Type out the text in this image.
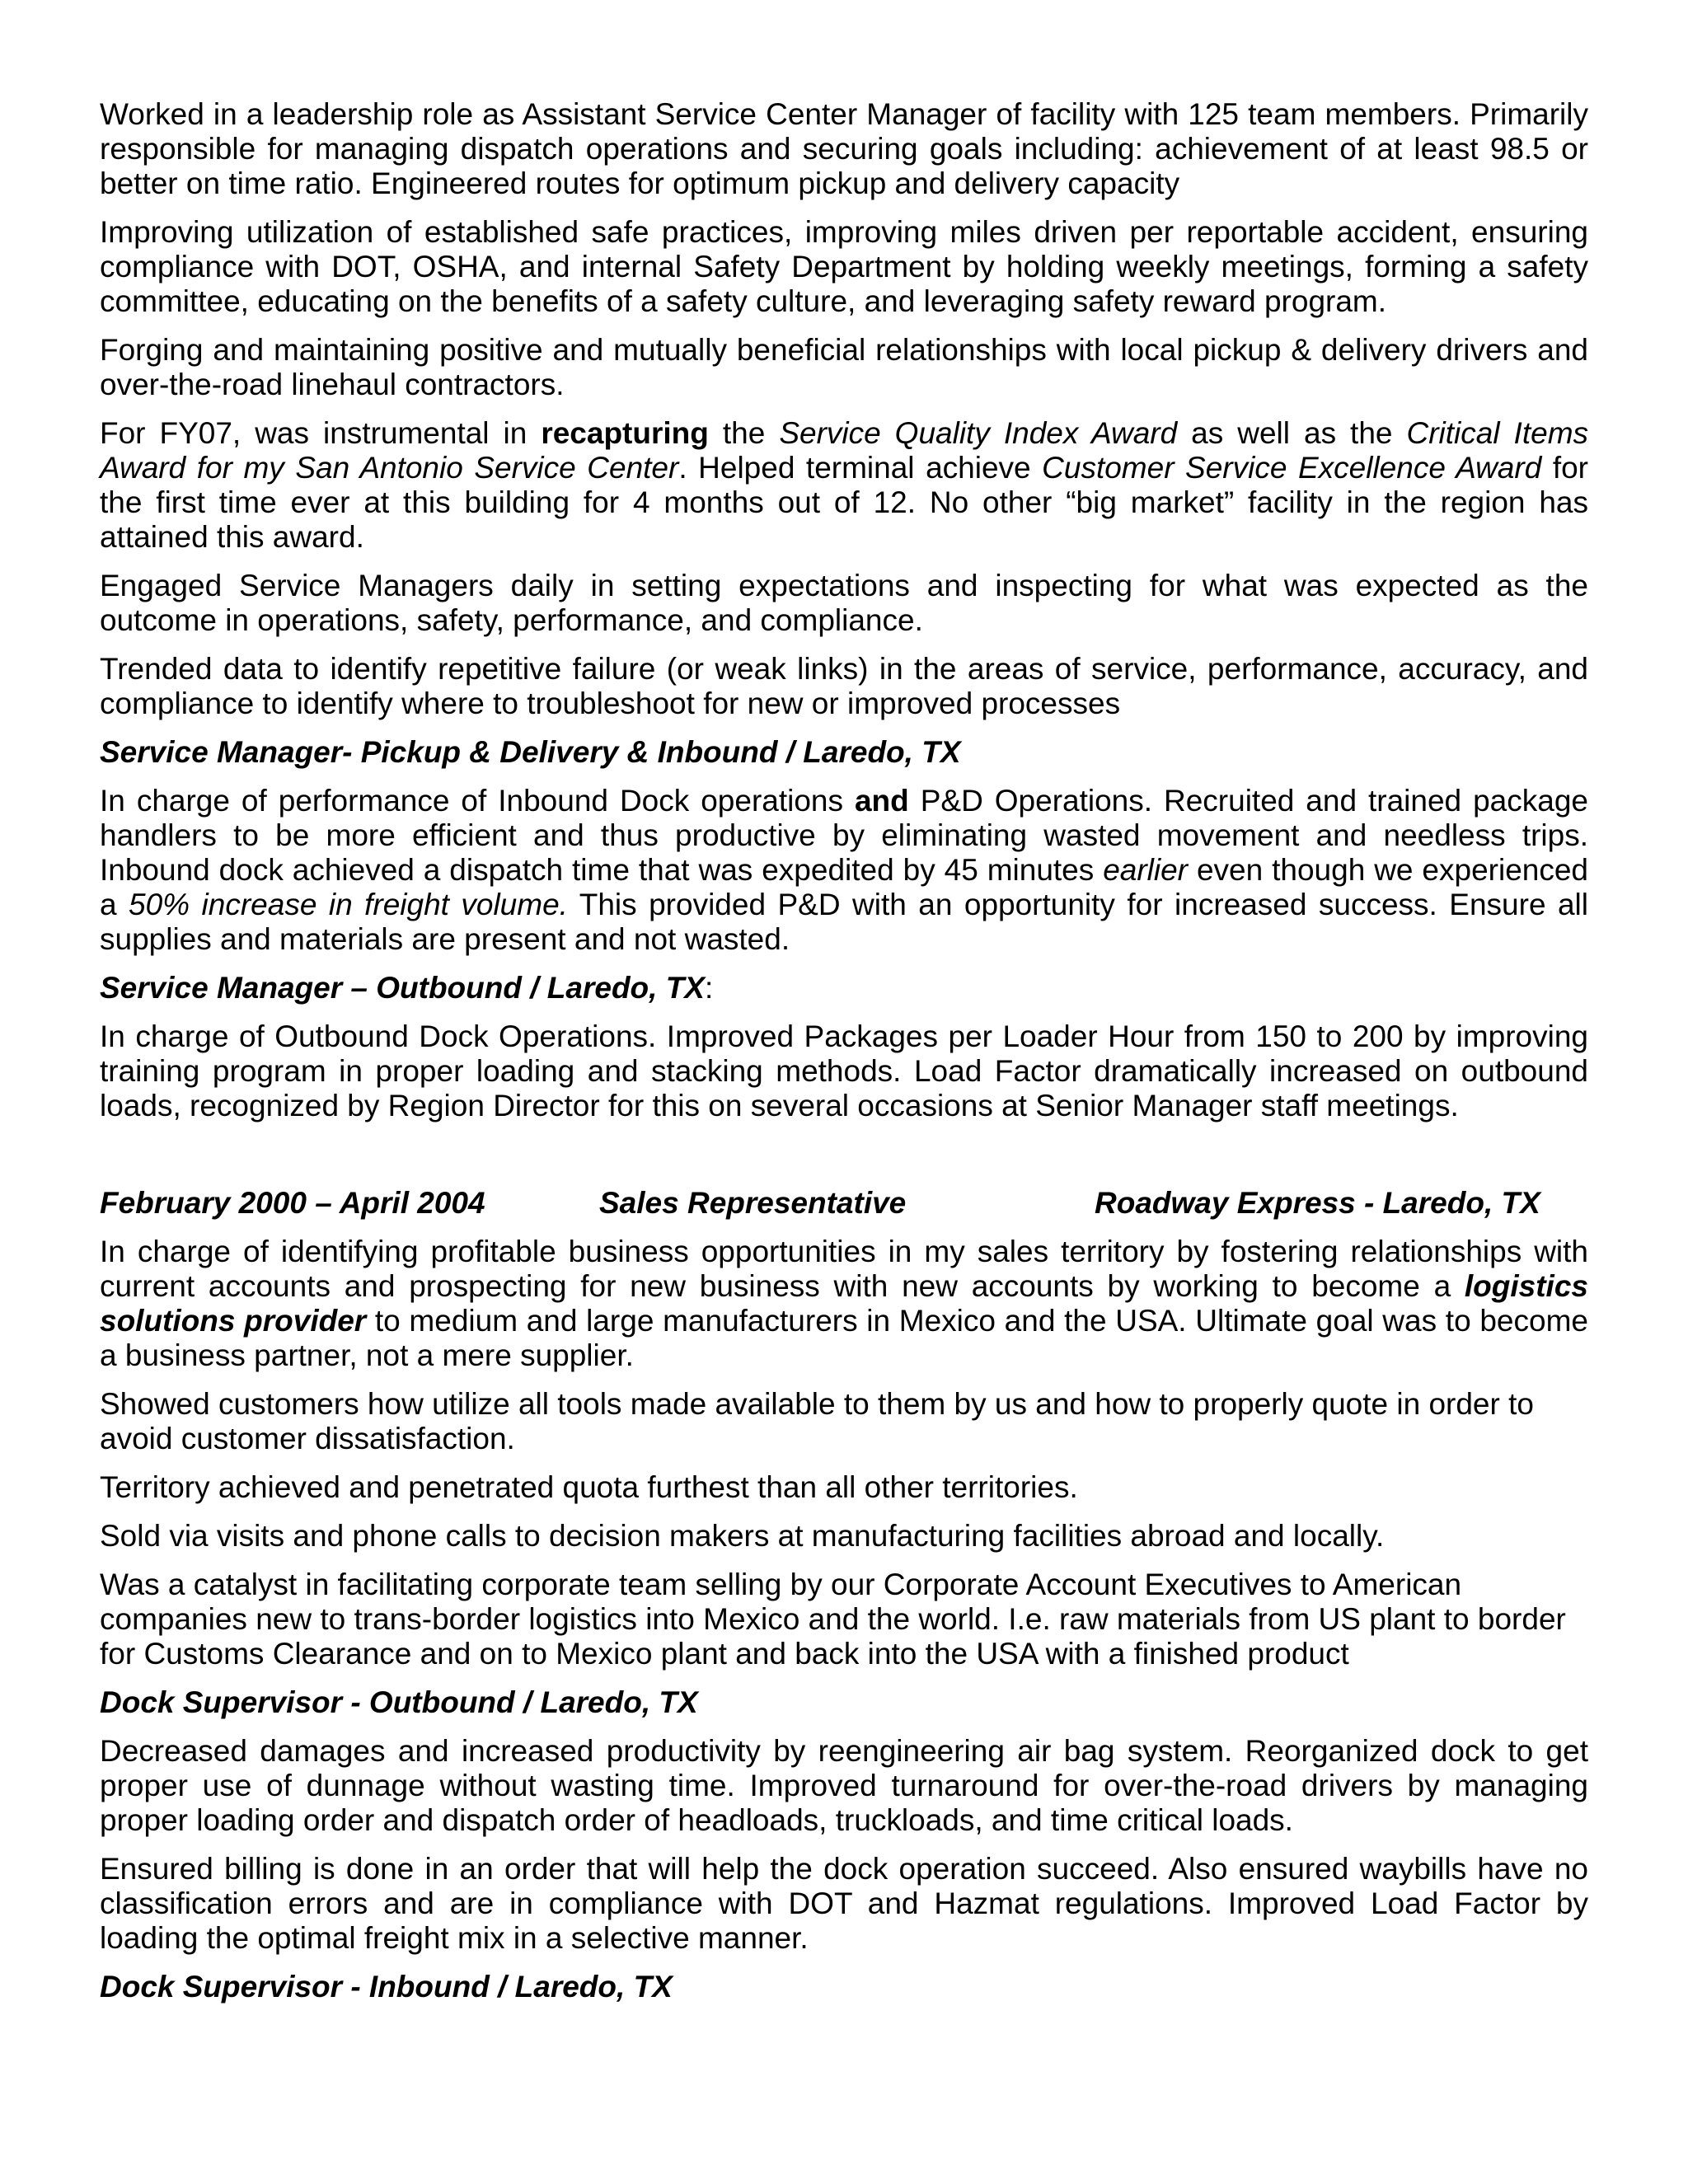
Worked in a leadership role as Assistant Service Center Manager of facility with 125 team members. Primarily responsible for managing dispatch operations and securing goals including: achievement of at least 98.5 or better on time ratio. Engineered routes for optimum pickup and delivery capacity

Improving utilization of established safe practices, improving miles driven per reportable accident, ensuring compliance with DOT, OSHA, and internal Safety Department by holding weekly meetings, forming a safety committee, educating on the benefits of a safety culture, and leveraging safety reward program.

Forging and maintaining positive and mutually beneficial relationships with local pickup & delivery drivers and over-the-road linehaul contractors.

For FY07, was instrumental in recapturing the Service Quality Index Award as well as the Critical Items Award for my San Antonio Service Center. Helped terminal achieve Customer Service Excellence Award for the first time ever at this building for 4 months out of 12. No other “big market” facility in the region has attained this award.

Engaged Service Managers daily in setting expectations and inspecting for what was expected as the outcome in operations, safety, performance, and compliance.

Trended data to identify repetitive failure (or weak links) in the areas of service, performance, accuracy, and compliance to identify where to troubleshoot for new or improved processes

Service Manager- Pickup & Delivery & Inbound / Laredo, TX

In charge of performance of Inbound Dock operations and P&D Operations. Recruited and trained package handlers to be more efficient and thus productive by eliminating wasted movement and needless trips. Inbound dock achieved a dispatch time that was expedited by 45 minutes earlier even though we experienced a 50% increase in freight volume. This provided P&D with an opportunity for increased success. Ensure all supplies and materials are present and not wasted.

Service Manager – Outbound / Laredo, TX:

In charge of Outbound Dock Operations. Improved Packages per Loader Hour from 150 to 200 by improving training program in proper loading and stacking methods. Load Factor dramatically increased on outbound loads, recognized by Region Director for this on several occasions at Senior Manager staff meetings.

February 2000 – April 2004	Sales Representative	Roadway Express - Laredo, TX

In charge of identifying profitable business opportunities in my sales territory by fostering relationships with current accounts and prospecting for new business with new accounts by working to become a logistics solutions provider to medium and large manufacturers in Mexico and the USA. Ultimate goal was to become a business partner, not a mere supplier.

Showed customers how utilize all tools made available to them by us and how to properly quote in order to avoid customer dissatisfaction.

Territory achieved and penetrated quota furthest than all other territories.

Sold via visits and phone calls to decision makers at manufacturing facilities abroad and locally.

Was a catalyst in facilitating corporate team selling by our Corporate Account Executives to American companies new to trans-border logistics into Mexico and the world. I.e. raw materials from US plant to border for Customs Clearance and on to Mexico plant and back into the USA with a finished product

Dock Supervisor - Outbound / Laredo, TX

Decreased damages and increased productivity by reengineering air bag system. Reorganized dock to get proper use of dunnage without wasting time. Improved turnaround for over-the-road drivers by managing proper loading order and dispatch order of headloads, truckloads, and time critical loads.

Ensured billing is done in an order that will help the dock operation succeed. Also ensured waybills have no classification errors and are in compliance with DOT and Hazmat regulations. Improved Load Factor by loading the optimal freight mix in a selective manner.

Dock Supervisor - Inbound / Laredo, TX
